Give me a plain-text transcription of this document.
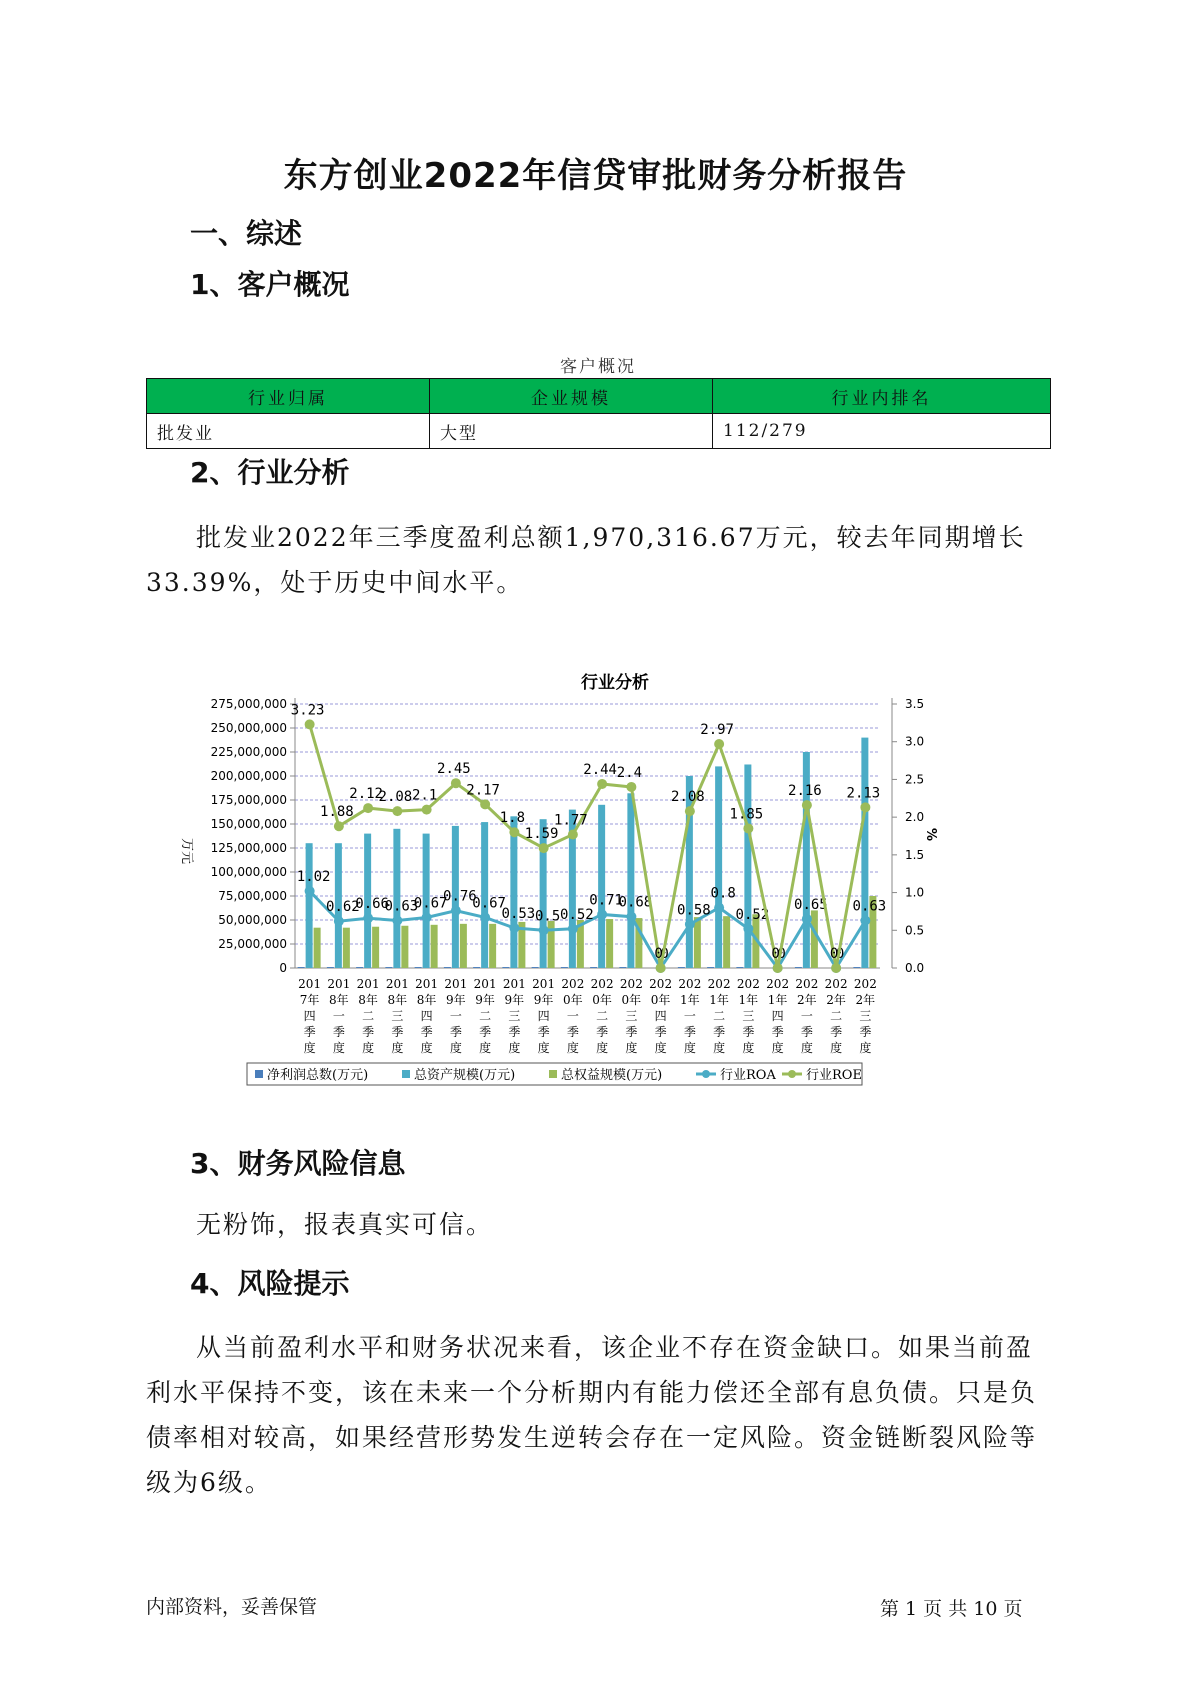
东方创业2022年信贷审批财务分析报告
一、综述
1、客户概况
客户概况
行业归属	企业规模	行业内排名
批发业	大型	112/279
2、行业分析
批发业2022年三季度盈利总额1,970,316.67万元，较去年同期增长33.39%，处于历史中间水平。
行业分析
275,000,000
250,000,000
225,000,000
200,000,000
175,000,000
150,000,000
125,000,000
100,000,000
75,000,000
50,000,000
25,000,000
0
3.5
3.0
2.5
2.0
1.5
1.0
0.5
0.0
万元
%
1.02
0.62
0.66
0.63
0.67
0.76
0.67
0.53 0.5 0.52
0.71
0.68
0
0.58
0.8
0.52
0
0.65
0
0.63
3.23
1.88
2.12
2.08 2.1
2.45
2.17
1.8
1.59
1.77
2.44 2.4
0
2.08
2.97
1.85
0
2.16
0
2.13
201
7年
四
季
度
201
8年
一
季
度
201
8年
二
季
度
201
8年
三
季
度
201
8年
四
季
度
201
9年
一
季
度
201
9年
二
季
度
201
9年
三
季
度
201
9年
四
季
度
202
0年
一
季
度
202
0年
二
季
度
202
0年
三
季
度
202
0年
四
季
度
202
1年
一
季
度
202
1年
二
季
度
202
1年
三
季
度
202
1年
四
季
度
202
2年
一
季
度
202
2年
二
季
度
202
2年
三
季
度
净利润总数(万元)	总资产规模(万元)	总权益规模(万元)	行业ROA 行业ROE
3、财务风险信息
无粉饰，报表真实可信。
4、风险提示
从当前盈利水平和财务状况来看，该企业不存在资金缺口。如果当前盈利水平保持不变，该在未来一个分析期内有能力偿还全部有息负债。只是负债率相对较高，如果经营形势发生逆转会存在一定风险。资金链断裂风险等级为6级。
内部资料，妥善保管	第 1 页 共 10 页
